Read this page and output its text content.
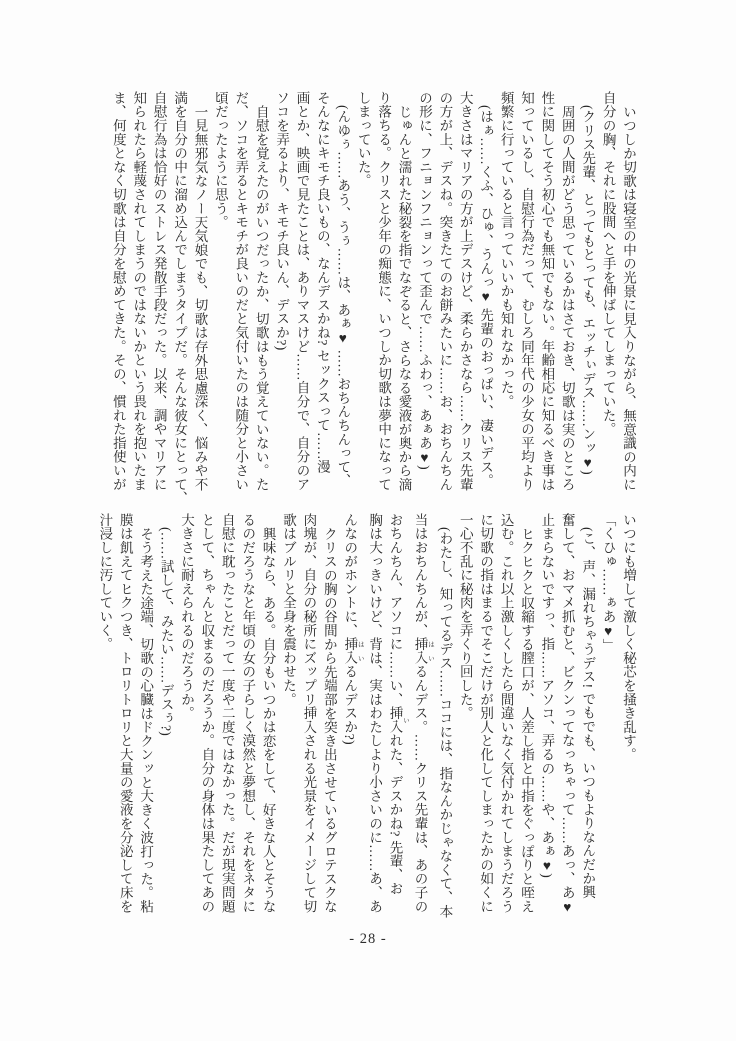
いつしか切歌は寝室の中の光景に見入りながら、無意識の内に
自分の胸、それに股間へと手を伸ばしてしまっていた。
(クリス先輩、とってもとっても、エッチぃデス……ンッ♥)
周囲の人間がどう思っているかはさておき、切歌は実のところ
性に関してそう初心でも無知でもない。年齢相応に知るべき事は
知っているし、自慰行為だって、むしろ同年代の少女の平均より
頻繁に行っていると言っていいかも知れなかった。
(はぁ……くふ、ひゅ、うんっ♥ 先輩のおっぱい、凄いデス。
大きさはマリアの方が上デスけど、柔らかさなら……クリス先輩
の方が上、デスね。突きたてのお餅みたいに……お、おちんちん
の形に、フニョンフニョンって歪んで……ふわっ、あぁあ♥)
じゅんと濡れた秘裂を指でなぞると、さらなる愛液が奥から滴
り落ちる。クリスと少年の痴態に、いつしか切歌は夢中になって
しまっていた。
(んゆぅ……あう、うぅ……は、あぁ♥ ……おちんちんって、
そんなにキモチ良いもの、なんデスかね? セックスって……漫
画とか、映画で見たことは、ありマスけど……自分で、自分のア
ソコを弄るより、キモチ良いん、デスか?)
自慰を覚えたのがいつだったか、切歌はもう覚えていない。た
だ、ソコを弄るとキモチが良いのだと気付いたのは随分と小さい
頃だったように思う。
一見無邪気なノー天気娘でも、切歌は存外思慮深く、悩みや不
満を自分の中に溜め込んでしまうタイプだ。そんな彼女にとって、
自慰行為は恰好のストレス発散手段だった。以来、調やマリアに
知られたら軽蔑されてしまうのではないかという畏れを抱いたま
ま、何度となく切歌は自分を慰めてきた。その、慣れた指使いが
いつにも増して激しく秘芯を掻き乱す。
「くひゅ……ぁあ♥」
(こ、声、漏れちゃうデス! でもでも、いつもよりなんだか興
奮して、おマメ抓むと、ビクンってなっちゃって……あっ、あ♥
止まらないですっ、指……アソコ、弄るの……や、あぁ♥)
ヒクヒクと収縮する膣口が、人差し指と中指をぐっぽりと咥え
込む。これ以上激しくしたら間違いなく気付かれてしまうだろう
に切歌の指はまるでそこだけが別人と化してしまったかの如くに
一心不乱に秘肉を弄くり回した。
(わたし、知ってるデス……ココには、指なんかじゃなくて、本
当はおちんちんが、挿入 はいるんデス。……クリス先輩は、あの子の
おちんちん、アソコに……い、挿入 いれた、デスかね? 先輩、お
胸は大っきいけど、背は、実はわたしより小さいのに……あ、あ
んなのがホントに、挿入 はいるんデスか?)
クリスの胸の谷間から先端部を突き出させているグロテスクな
肉塊が、自分の秘所にズップリ挿入される光景をイメージして切
歌はブルリと全身を震わせた。
興味なら、ある。自分もいつかは恋をして、好きな人とそうな
るのだろうなと年頃の女の子らしく漠然と夢想し、それをネタに
自慰に耽ったことだって一度や二度ではなかった。だが現実問題
として、ちゃんと収まるのだろうか。自分の身体は果たしてあの
大きさに耐えられるのだろうか。
(……試して、みたい……デスぅ?)
そう考えた途端、切歌の心臓はドクンッと大きく波打った。粘
膜は飢えてヒクつき、トロリトロリと大量の愛液を分泌して床を
汁浸しに汚していく。
- 28 -
